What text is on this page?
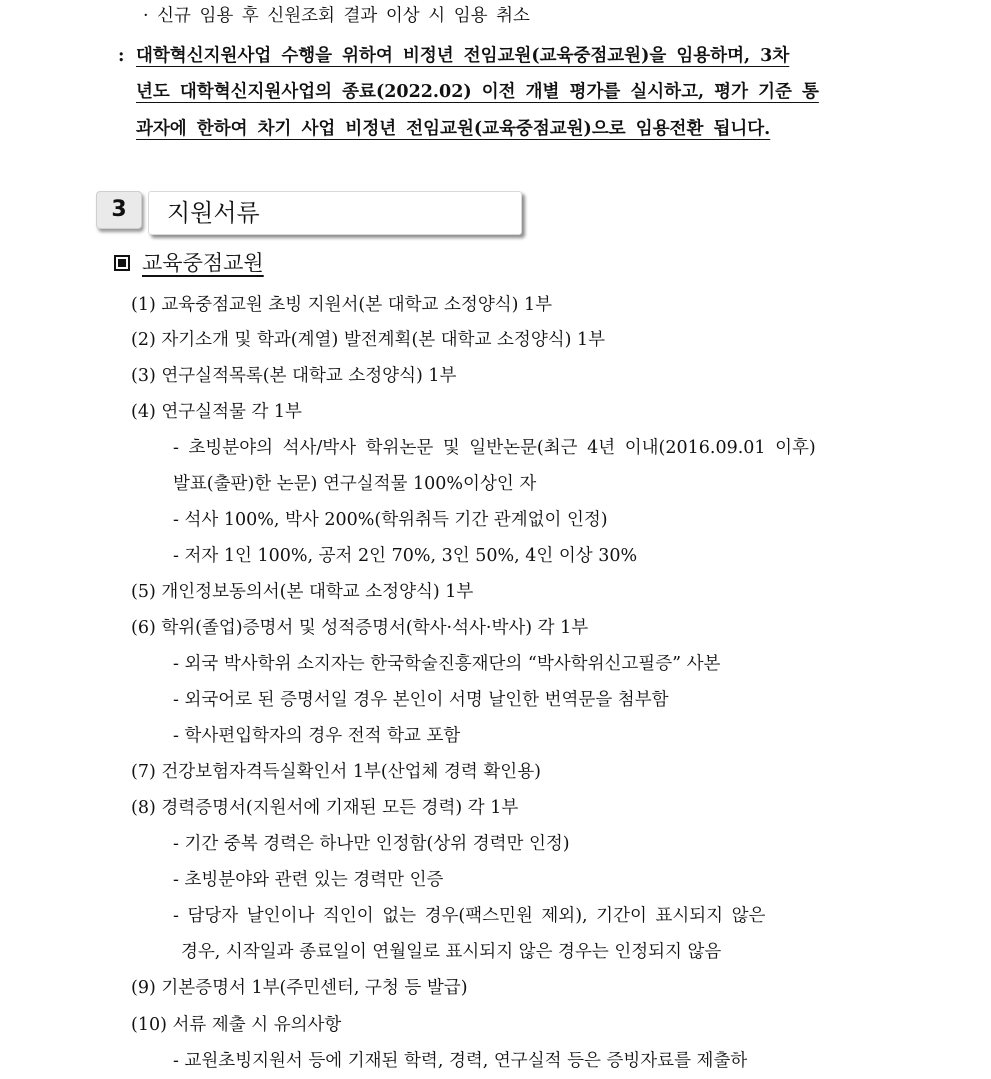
· 신규 임용 후 신원조회 결과 이상 시 임용 취소
: 대학혁신지원사업 수행을 위하여 비정년 전임교원(교육중점교원)을 임용하며, 3차
년도 대학혁신지원사업의 종료(2022.02) 이전 개별 평가를 실시하고, 평가 기준 통
과자에 한하여 차기 사업 비정년 전임교원(교육중점교원)으로 임용전환 됩니다.
3	지원서류
교육중점교원
(1) 교육중점교원 초빙 지원서(본 대학교 소정양식) 1부
(2) 자기소개 및 학과(계열) 발전계획(본 대학교 소정양식) 1부
(3) 연구실적목록(본 대학교 소정양식) 1부
(4) 연구실적물 각 1부
- 초빙분야의 석사/박사 학위논문 및 일반논문(최근 4년 이내(2016.09.01 이후)
발표(출판)한 논문) 연구실적물 100%이상인 자
- 석사 100%, 박사 200%(학위취득 기간 관계없이 인정)
- 저자 1인 100%, 공저 2인 70%, 3인 50%, 4인 이상 30%
(5) 개인정보동의서(본 대학교 소정양식) 1부
(6) 학위(졸업)증명서 및 성적증명서(학사·석사·박사) 각 1부
- 외국 박사학위 소지자는 한국학술진흥재단의 “박사학위신고필증” 사본
- 외국어로 된 증명서일 경우 본인이 서명 날인한 번역문을 첨부함
- 학사편입학자의 경우 전적 학교 포함
(7) 건강보험자격득실확인서 1부(산업체 경력 확인용)
(8) 경력증명서(지원서에 기재된 모든 경력) 각 1부
- 기간 중복 경력은 하나만 인정함(상위 경력만 인정)
- 초빙분야와 관련 있는 경력만 인증
- 담당자 날인이나 직인이 없는 경우(팩스민원 제외), 기간이 표시되지 않은
경우, 시작일과 종료일이 연월일로 표시되지 않은 경우는 인정되지 않음
(9) 기본증명서 1부(주민센터, 구청 등 발급)
(10) 서류 제출 시 유의사항
- 교원초빙지원서 등에 기재된 학력, 경력, 연구실적 등은 증빙자료를 제출하
